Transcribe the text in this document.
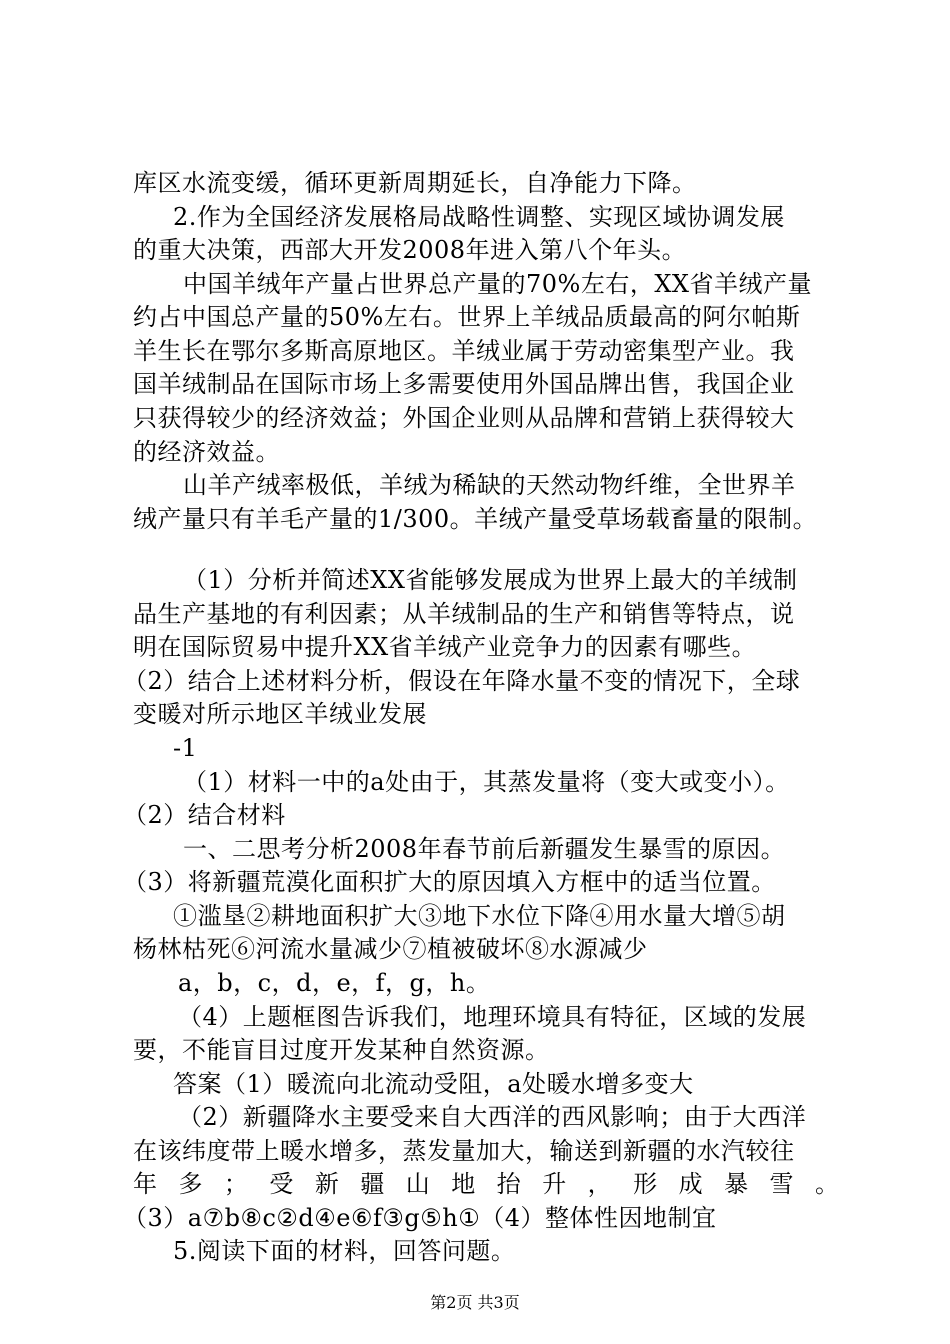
库区水流变缓，循环更新周期延长，自净能力下降。
2.作为全国经济发展格局战略性调整、实现区域协调发展
的重大决策，西部大开发2008年进入第八个年头。
中国羊绒年产量占世界总产量的70%左右，XX省羊绒产量
约占中国总产量的50%左右。世界上羊绒品质最高的阿尔帕斯
羊生长在鄂尔多斯高原地区。羊绒业属于劳动密集型产业。我
国羊绒制品在国际市场上多需要使用外国品牌出售，我国企业
只获得较少的经济效益；外国企业则从品牌和营销上获得较大
的经济效益。
山羊产绒率极低，羊绒为稀缺的天然动物纤维，全世界羊
绒产量只有羊毛产量的1/300。羊绒产量受草场载畜量的限制。
（1）分析并简述XX省能够发展成为世界上最大的羊绒制
品生产基地的有利因素；从羊绒制品的生产和销售等特点，说
明在国际贸易中提升XX省羊绒产业竞争力的因素有哪些。
（2）结合上述材料分析，假设在年降水量不变的情况下，全球
变暖对所示地区羊绒业发展
-1
（1）材料一中的a处由于，其蒸发量将（变大或变小）。
（2）结合材料
一、二思考分析2008年春节前后新疆发生暴雪的原因。
（3）将新疆荒漠化面积扩大的原因填入方框中的适当位置。
①滥垦②耕地面积扩大③地下水位下降④用水量大增⑤胡
杨林枯死⑥河流水量减少⑦植被破坏⑧水源减少
a，b，c，d，e，f，g，h。
（4）上题框图告诉我们，地理环境具有特征，区域的发展
要，不能盲目过度开发某种自然资源。
答案（1）暖流向北流动受阻，a处暖水增多变大
（2）新疆降水主要受来自大西洋的西风影响；由于大西洋
在该纬度带上暖水增多，蒸发量加大，输送到新疆的水汽较往
年多；受新疆山地抬升，形成暴雪。
（3）a⑦b⑧c②d④e⑥f③g⑤h①（4）整体性因地制宜
5.阅读下面的材料，回答问题。
第2页 共3页
